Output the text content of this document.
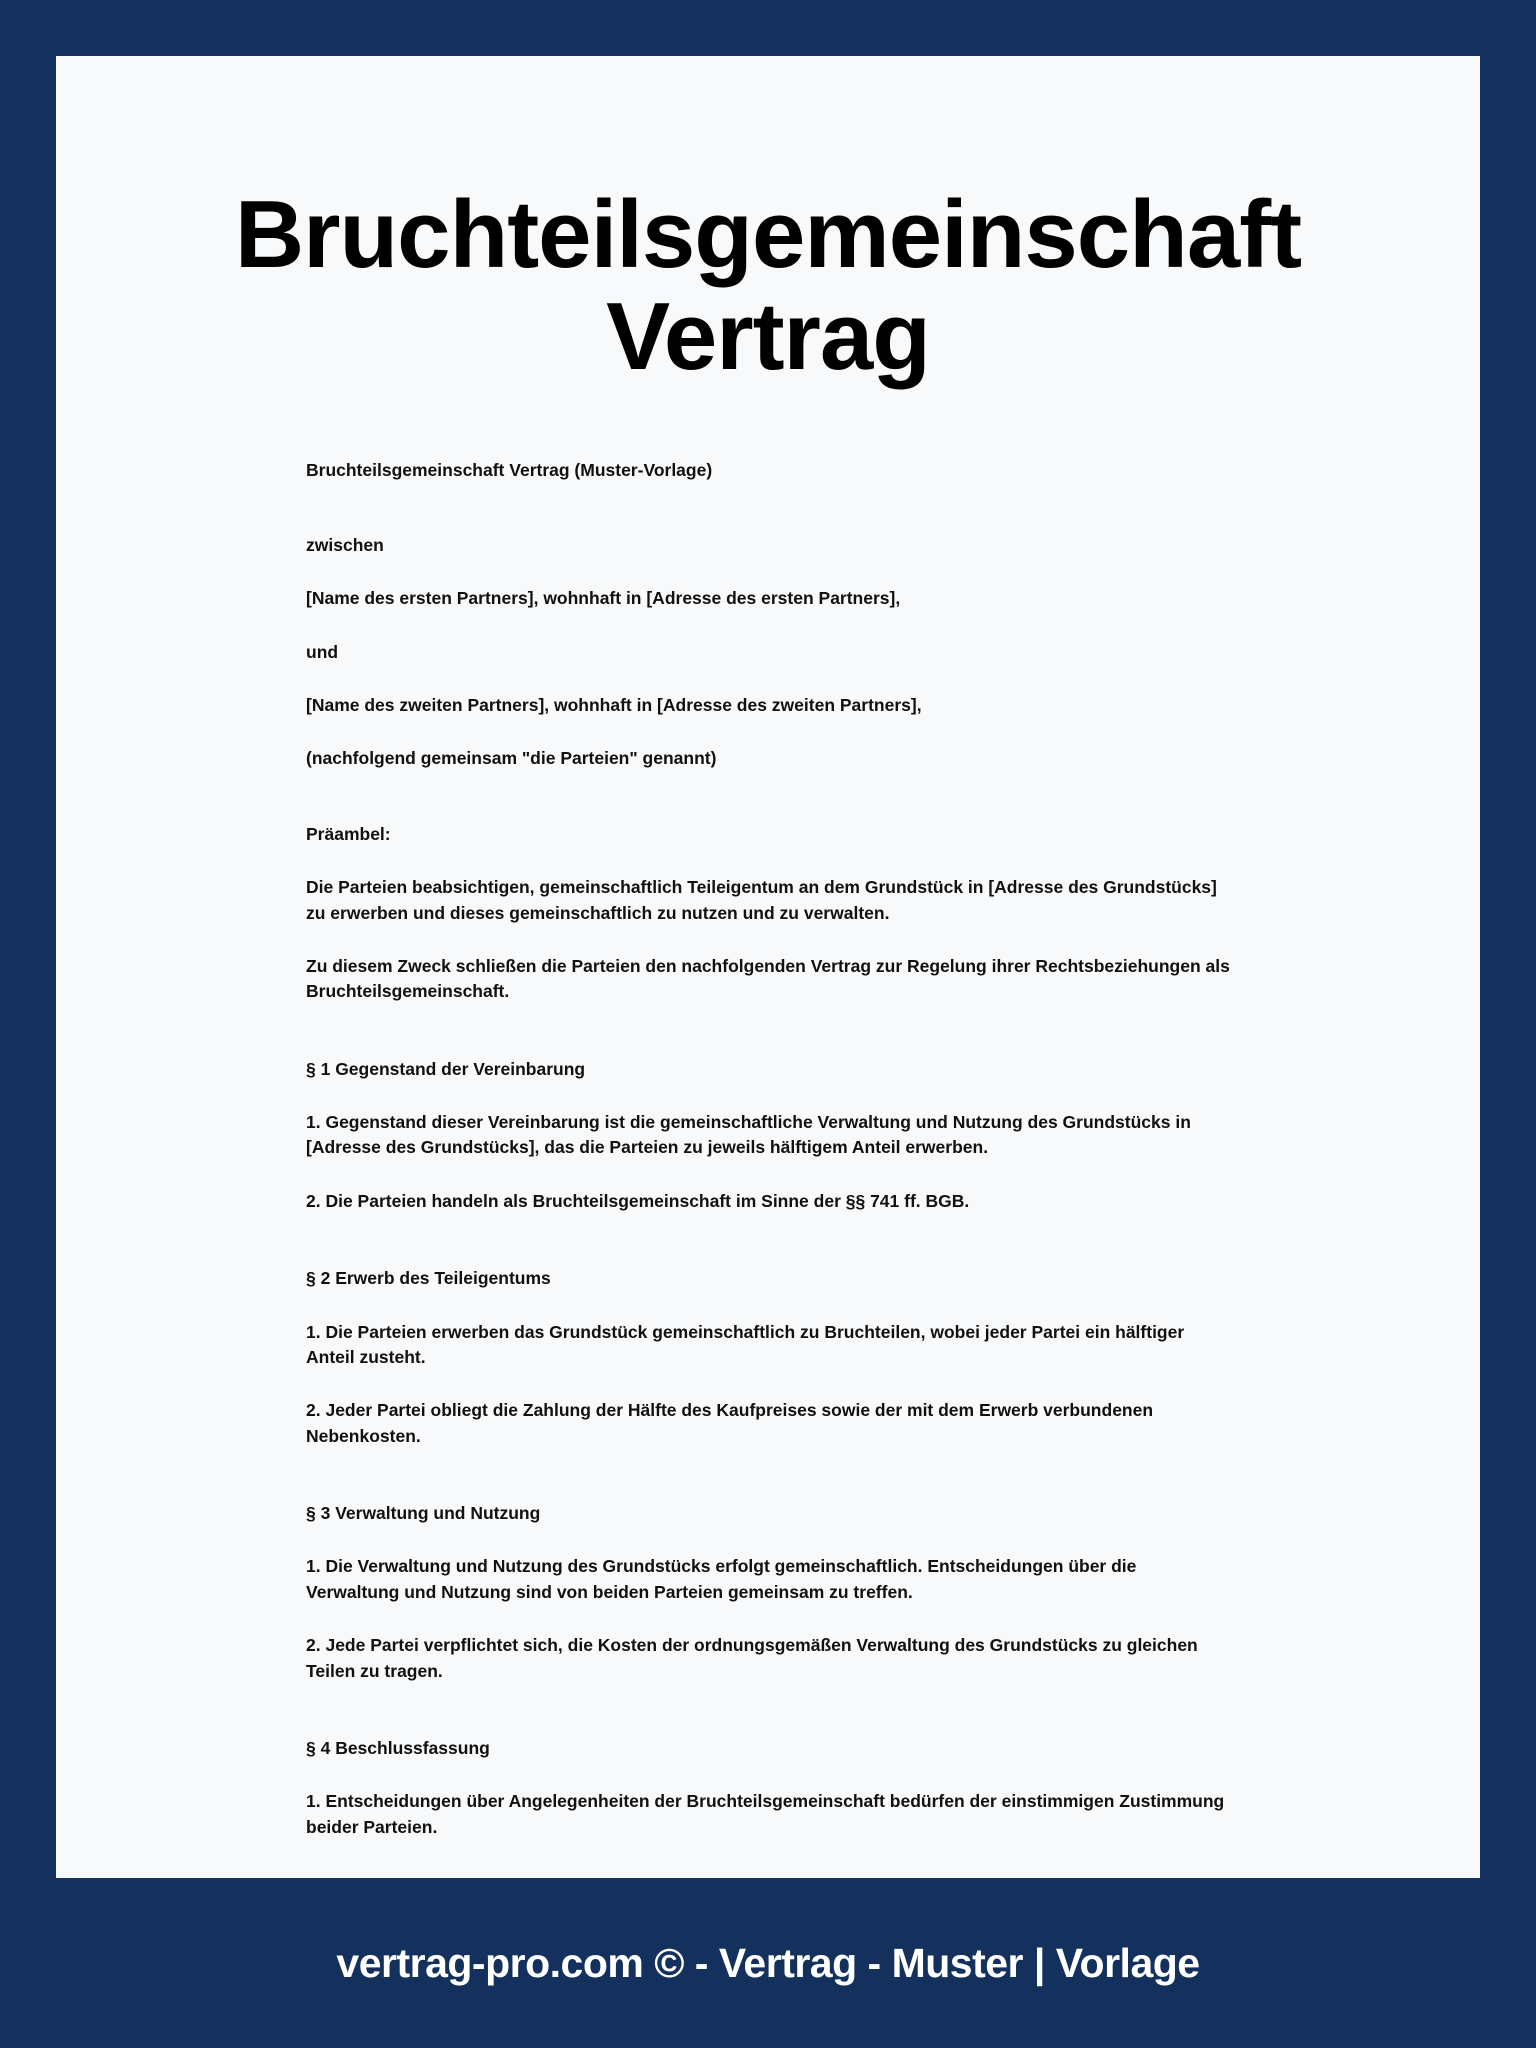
Bruchteilsgemeinschaft Vertrag

Bruchteilsgemeinschaft Vertrag (Muster-Vorlage)

zwischen

[Name des ersten Partners], wohnhaft in [Adresse des ersten Partners],

und

[Name des zweiten Partners], wohnhaft in [Adresse des zweiten Partners],

(nachfolgend gemeinsam "die Parteien" genannt)

Präambel:

Die Parteien beabsichtigen, gemeinschaftlich Teileigentum an dem Grundstück in [Adresse des Grundstücks] zu erwerben und dieses gemeinschaftlich zu nutzen und zu verwalten.

Zu diesem Zweck schließen die Parteien den nachfolgenden Vertrag zur Regelung ihrer Rechtsbeziehungen als Bruchteilsgemeinschaft.

§ 1 Gegenstand der Vereinbarung

1. Gegenstand dieser Vereinbarung ist die gemeinschaftliche Verwaltung und Nutzung des Grundstücks in [Adresse des Grundstücks], das die Parteien zu jeweils hälftigem Anteil erwerben.

2. Die Parteien handeln als Bruchteilsgemeinschaft im Sinne der §§ 741 ff. BGB.

§ 2 Erwerb des Teileigentums

1. Die Parteien erwerben das Grundstück gemeinschaftlich zu Bruchteilen, wobei jeder Partei ein hälftiger Anteil zusteht.

2. Jeder Partei obliegt die Zahlung der Hälfte des Kaufpreises sowie der mit dem Erwerb verbundenen Nebenkosten.

§ 3 Verwaltung und Nutzung

1. Die Verwaltung und Nutzung des Grundstücks erfolgt gemeinschaftlich. Entscheidungen über die Verwaltung und Nutzung sind von beiden Parteien gemeinsam zu treffen.

2. Jede Partei verpflichtet sich, die Kosten der ordnungsgemäßen Verwaltung des Grundstücks zu gleichen Teilen zu tragen.

§ 4 Beschlussfassung

1. Entscheidungen über Angelegenheiten der Bruchteilsgemeinschaft bedürfen der einstimmigen Zustimmung beider Parteien.

vertrag-pro.com © - Vertrag - Muster | Vorlage
